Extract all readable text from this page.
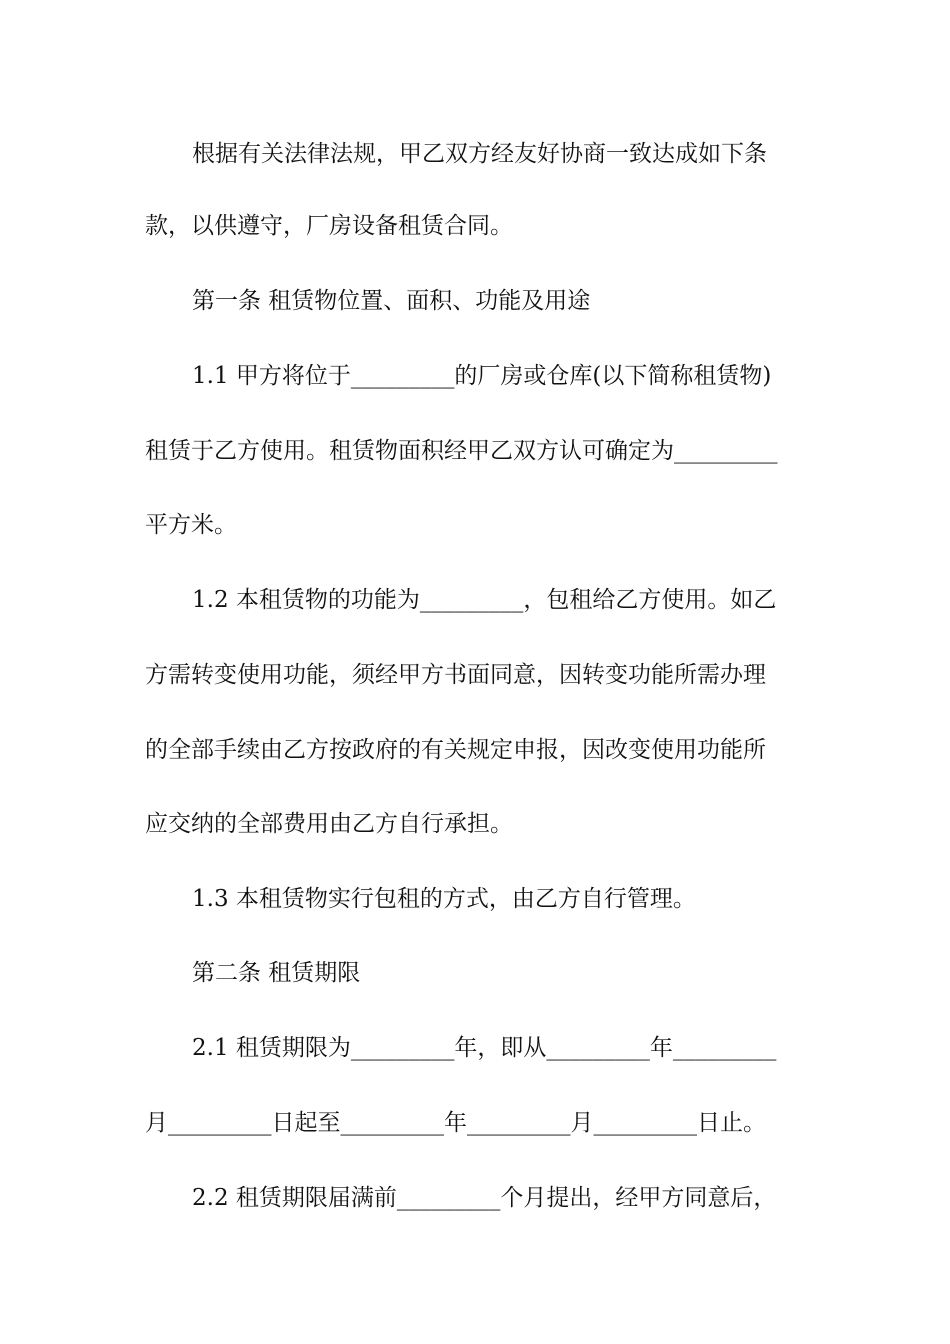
根据有关法律法规，甲乙双方经友好协商一致达成如下条
款，以供遵守，厂房设备租赁合同。
第一条 租赁物位置、面积、功能及用途
1.1 甲方将位于_________的厂房或仓库(以下简称租赁物)
租赁于乙方使用。租赁物面积经甲乙双方认可确定为_________
平方米。
1.2 本租赁物的功能为_________，包租给乙方使用。如乙
方需转变使用功能，须经甲方书面同意，因转变功能所需办理
的全部手续由乙方按政府的有关规定申报，因改变使用功能所
应交纳的全部费用由乙方自行承担。
1.3 本租赁物实行包租的方式，由乙方自行管理。
第二条 租赁期限
2.1 租赁期限为_________年，即从_________年_________
月_________日起至_________年_________月_________日止。
2.2 租赁期限届满前_________个月提出，经甲方同意后，
